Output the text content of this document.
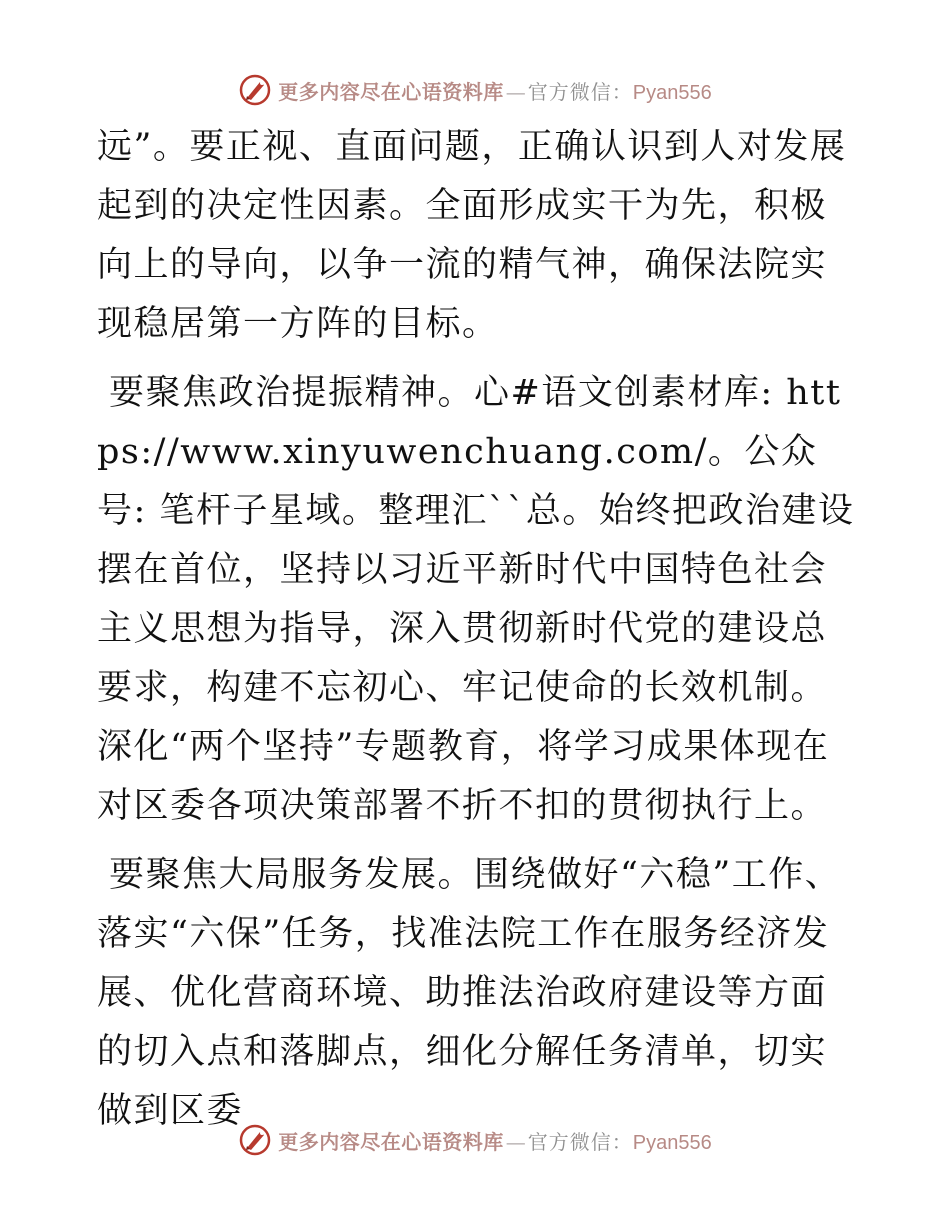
更多内容尽在心语资料库 — 官方微信： Pyan556

远”。要正视、直面问题，正确认识到人对发展起到的决定性因素。全面形成实干为先，积极向上的导向，以争一流的精气神，确保法院实现稳居第一方阵的目标。

要聚焦政治提振精神。心#语文创素材库: https://www.xinyuwenchuang.com/。公众号: 笔杆子星域。整理汇``总。始终把政治建设摆在首位，坚持以习近平新时代中国特色社会主义思想为指导，深入贯彻新时代党的建设总要求，构建不忘初心、牢记使命的长效机制。深化“两个坚持”专题教育，将学习成果体现在对区委各项决策部署不折不扣的贯彻执行上。

要聚焦大局服务发展。围绕做好“六稳”工作、落实“六保”任务，找准法院工作在服务经济发展、优化营商环境、助推法治政府建设等方面的切入点和落脚点，细化分解任务清单，切实做到区委

更多内容尽在心语资料库 — 官方微信： Pyan556
